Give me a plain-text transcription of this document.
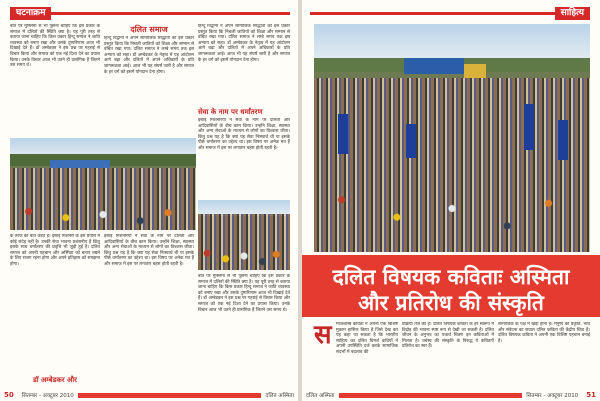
घटनाक्रम

बात पर मुस्लिमों से भी पूछना चाहिए कि इस प्रकार के समाज में दलितों की स्थिति क्या है। यह पूरी तरह से बताया जाना चाहिए कि किस प्रकार हिन्दू समाज ने जाति व्यवस्था को बनाए रखा और उसके दुष्परिणाम आज भी दिखाई देते हैं। डॉ अम्बेडकर ने इस प्रश्न पर गहराई से विचार किया और समाज को एक नई दिशा देने का प्रयास किया। उनके विचार आज भी उतने ही प्रासंगिक हैं जितने उस समय थे।

दलित समाज

हिन्दू विद्वानों ने अपने सामाजिक सिद्धांतों को इस प्रकार प्रस्तुत किया कि निचली जातियों को शिक्षा और सम्मान से वंचित रखा गया। दलित समाज ने लम्बे समय तक इस अन्याय को सहा। डॉ अम्बेडकर के नेतृत्व में यह आंदोलन आगे बढ़ा और दलितों में अपने अधिकारों के प्रति जागरूकता आई। आज भी यह संघर्ष जारी है और समाज के हर वर्ग को इसमें योगदान देना होगा।

हिन्दू विद्वानों ने अपने सामाजिक सिद्धांतों को इस प्रकार प्रस्तुत किया कि निचली जातियों को शिक्षा और सम्मान से वंचित रखा गया। दलित समाज ने लम्बे समय तक इस अन्याय को सहा। डॉ अम्बेडकर के नेतृत्व में यह आंदोलन आगे बढ़ा और दलितों में अपने अधिकारों के प्रति जागरूकता आई। आज भी यह संघर्ष जारी है और समाज के हर वर्ग को इसमें योगदान देना होगा।

सेवा के नाम पर धर्मांतरण

ईसाई मिशनरियों ने सेवा के नाम पर दलितों और आदिवासियों के बीच काम किया। उन्होंने शिक्षा, स्वास्थ्य और अन्य सेवाओं के माध्यम से लोगों का विश्वास जीता। किंतु प्रश्न यह है कि क्या यह सेवा निःस्वार्थ थी या इसके पीछे धर्मांतरण का उद्देश्य था। इस विषय पर अनेक मत हैं और समाज में इस पर लगातार बहस होती रहती है।

के तरफ की बात करते हैं। ईसाई मिशनरी के इस प्रयास में कोई संदेह नहीं है। उनकी सेवा भावना प्रशंसनीय है किंतु इसके साथ धर्मांतरण की प्रवृत्ति भी जुड़ी हुई है। दलित समाज को अपनी पहचान और अस्मिता को बनाए रखने के लिए सजग रहना होगा और अपने इतिहास को समझना होगा।

डॉ अम्बेडकर और

ईसाई मिशनरियों ने सेवा के नाम पर दलितों और आदिवासियों के बीच काम किया। उन्होंने शिक्षा, स्वास्थ्य और अन्य सेवाओं के माध्यम से लोगों का विश्वास जीता। किंतु प्रश्न यह है कि क्या यह सेवा निःस्वार्थ थी या इसके पीछे धर्मांतरण का उद्देश्य था। इस विषय पर अनेक मत हैं और समाज में इस पर लगातार बहस होती रहती है।

बात पर मुस्लिमों से भी पूछना चाहिए कि इस प्रकार के समाज में दलितों की स्थिति क्या है। यह पूरी तरह से बताया जाना चाहिए कि किस प्रकार हिन्दू समाज ने जाति व्यवस्था को बनाए रखा और उसके दुष्परिणाम आज भी दिखाई देते हैं। डॉ अम्बेडकर ने इस प्रश्न पर गहराई से विचार किया और समाज को एक नई दिशा देने का प्रयास किया। उनके विचार आज भी उतने ही प्रासंगिक हैं जितने उस समय थे।

50	सितम्बर - अक्टूबर 2010	दलित अस्मिता
साहित्य
दलित विषयक कविताः अस्मिता
और प्रतिरोध की संस्कृति
स माजशास्त्र कविता ने अपना एक विशिष्ट मुकाम हासिल किया है जिसे देख कर यह कहा जा सकता है कि भारतीय साहित्य का दलित विमर्श कवियों ने अपनी उपस्थिति दर्ज करके सामाजिक संदर्भों में बदलाव की

प्रक्रिया तेज की है। दलित विषयक कविता के हर स्वरूप में विद्रोह की भावना स्पष्ट रूप से देखी जा सकती है। दलित जीवन के अनुभव का यथार्थ चित्रण इन कविताओं में मिलता है। वर्चस्व की संस्कृति के विरुद्ध ये कविताएँ प्रतिरोध का स्वर हैं।

सामाजिक के पक्ष में खड़ा होना है। मनुष्य की प्रकृति, भाव और संवेदना का सवाल दलित कविता की केंद्रीय चिंता है। दलित विषयक कविता ने अपनी एक विशिष्ट पहचान बनाई है।

दलित अस्मिता	सितम्बर - अक्टूबर 2010	51
